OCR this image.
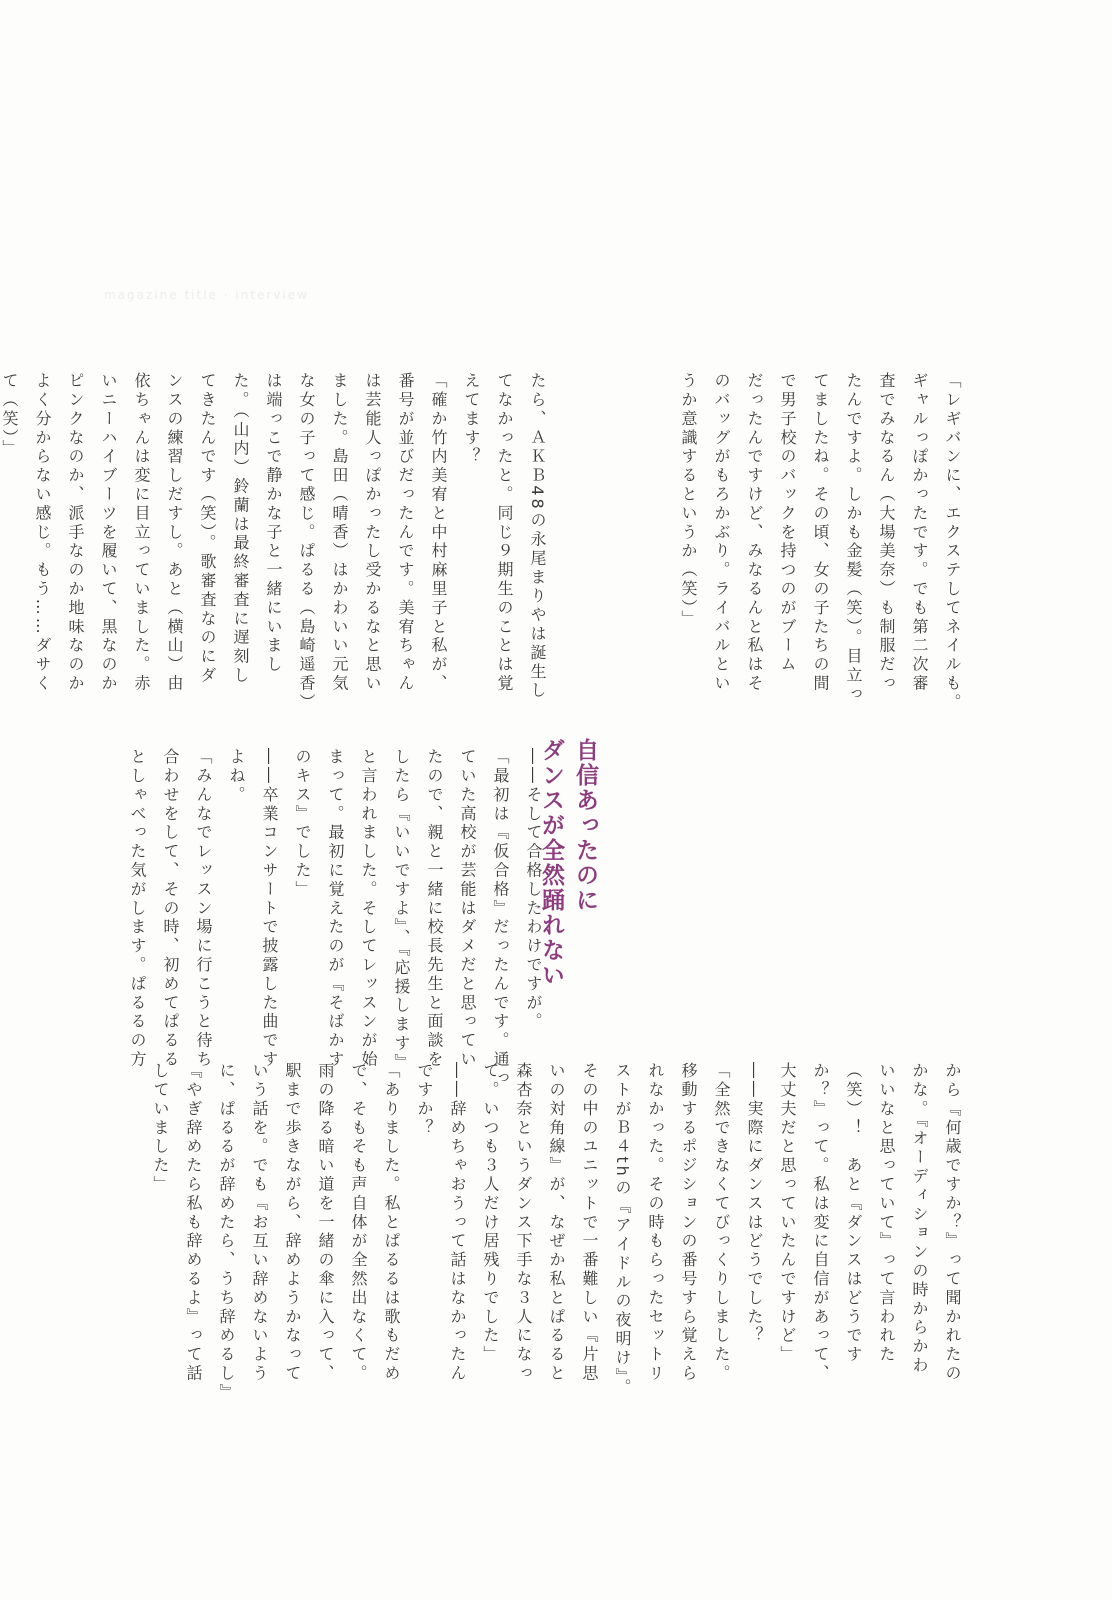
magazine title · interview
「レギバンに、エクステしてネイルも。
ギャルっぽかったです。でも第二次審
査でみなるん（大場美奈）も制服だっ
たんですよ。しかも金髪（笑）。目立っ
てましたね。その頃、女の子たちの間
で男子校のバックを持つのがブーム
だったんですけど、みなるんと私はそ
のバッグがもろかぶり。ライバルとい
うか意識するというか（笑）」
から『何歳ですか？』って聞かれたの
かな。『オーディションの時からかわ
いいなと思っていて』って言われた
（笑）！　あと『ダンスはどうです
か？』って。私は変に自信があって、
大丈夫だと思っていたんですけど」
――実際にダンスはどうでした？
「全然できなくてびっくりしました。
移動するポジションの番号すら覚えら
れなかった。その時もらったセットリ
ストがＢ４thの『アイドルの夜明け』。
その中のユニットで一番難しい『片思
いの対角線』が、なぜか私とぱるると
森杏奈というダンス下手な３人になっ
て。いつも３人だけ居残りでした」
――辞めちゃおうって話はなかったん
ですか？
「ありました。私とぱるるは歌もだめ
で、そもそも声自体が全然出なくて。
雨の降る暗い道を一緒の傘に入って、
駅まで歩きながら、辞めようかなって
いう話を。でも『お互い辞めないよう
に、ぱるるが辞めたら、うち辞めるし』
『やぎ辞めたら私も辞めるよ』って話
していました」
自信あったのに
ダンスが全然踊れない
――そして合格したわけですが。
「最初は『仮合格』だったんです。通っ
ていた高校が芸能はダメだと思ってい
たので、親と一緒に校長先生と面談を
したら『いいですよ』、『応援します』
と言われました。そしてレッスンが始
まって。最初に覚えたのが『そばかす
のキス』でした」
――卒業コンサートで披露した曲です
よね。
「みんなでレッスン場に行こうと待ち
合わせをして、その時、初めてぱるる
としゃべった気がします。ぱるるの方
たら、ＡＫＢ48の永尾まりやは誕生し
てなかったと。同じ９期生のことは覚
えてます？
「確か竹内美宥と中村麻里子と私が、
番号が並びだったんです。美宥ちゃん
は芸能人っぽかったし受かるなと思い
ました。島田（晴香）はかわいい元気
な女の子って感じ。ぱるる（島崎遥香）
は端っこで静かな子と一緒にいまし
た。（山内）鈴蘭は最終審査に遅刻し
てきたんです（笑）。歌審査なのにダ
ンスの練習しだすし。あと（横山）由
依ちゃんは変に目立っていました。赤
いニーハイブーツを履いて、黒なのか
ピンクなのか、派手なのか地味なのか
よく分からない感じ。もう……ダサく
て（笑）」
